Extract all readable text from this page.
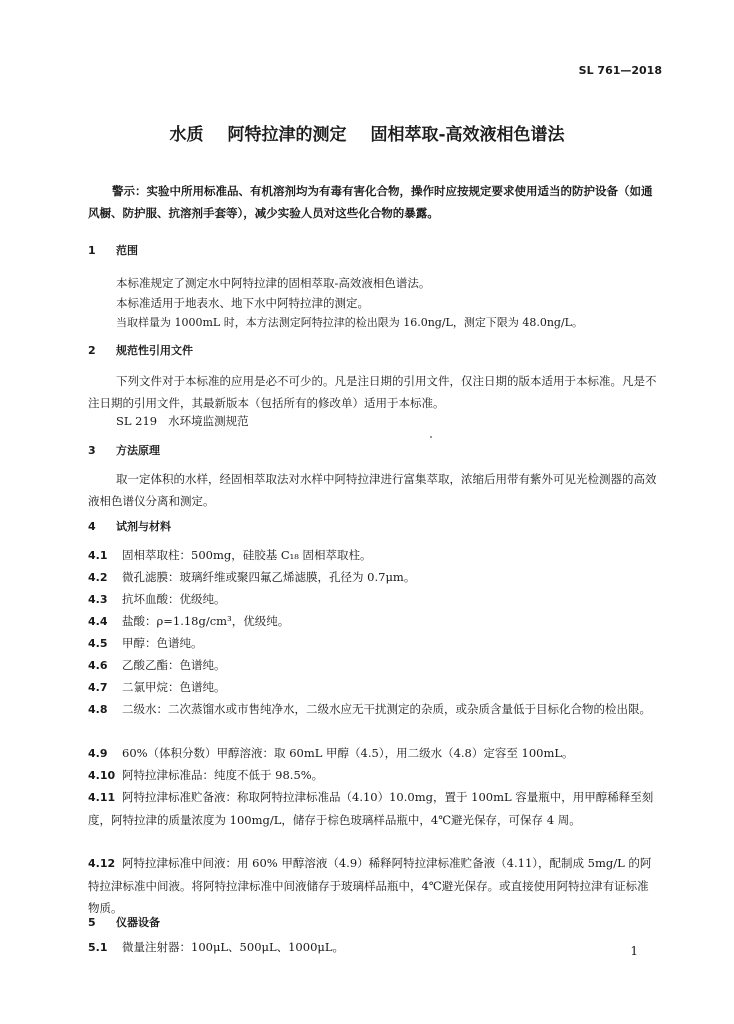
SL 761—2018
水质 阿特拉津的测定 固相萃取-高效液相色谱法
警示：实验中所用标准品、有机溶剂均为有毒有害化合物，操作时应按规定要求使用适当的防护设备（如通风橱、防护服、抗溶剂手套等），减少实验人员对这些化合物的暴露。
1 范围
本标准规定了测定水中阿特拉津的固相萃取-高效液相色谱法。
本标准适用于地表水、地下水中阿特拉津的测定。
当取样量为 1000mL 时，本方法测定阿特拉津的检出限为 16.0ng/L，测定下限为 48.0ng/L。
2 规范性引用文件
下列文件对于本标准的应用是必不可少的。凡是注日期的引用文件，仅注日期的版本适用于本标准。凡是不注日期的引用文件，其最新版本（包括所有的修改单）适用于本标准。
SL 219 水环境监测规范
3 方法原理
取一定体积的水样，经固相萃取法对水样中阿特拉津进行富集萃取，浓缩后用带有紫外可见光检测器的高效液相色谱仪分离和测定。
4 试剂与材料
4.1 固相萃取柱：500mg，硅胶基 C₁₈ 固相萃取柱。
4.2 微孔滤膜：玻璃纤维或聚四氟乙烯滤膜，孔径为 0.7μm。
4.3 抗坏血酸：优级纯。
4.4 盐酸：ρ=1.18g/cm³，优级纯。
4.5 甲醇：色谱纯。
4.6 乙酸乙酯：色谱纯。
4.7 二氯甲烷：色谱纯。
4.8 二级水：二次蒸馏水或市售纯净水，二级水应无干扰测定的杂质，或杂质含量低于目标化合物的检出限。
4.9 60%（体积分数）甲醇溶液：取 60mL 甲醇（4.5），用二级水（4.8）定容至 100mL。
4.10 阿特拉津标准品：纯度不低于 98.5%。
4.11 阿特拉津标准贮备液：称取阿特拉津标准品（4.10）10.0mg，置于 100mL 容量瓶中，用甲醇稀释至刻度，阿特拉津的质量浓度为 100mg/L，储存于棕色玻璃样品瓶中，4℃避光保存，可保存 4 周。
4.12 阿特拉津标准中间液：用 60% 甲醇溶液（4.9）稀释阿特拉津标准贮备液（4.11），配制成 5mg/L 的阿特拉津标准中间液。将阿特拉津标准中间液储存于玻璃样品瓶中，4℃避光保存。或直接使用阿特拉津有证标准物质。
5 仪器设备
5.1 微量注射器：100μL、500μL、1000μL。	1
